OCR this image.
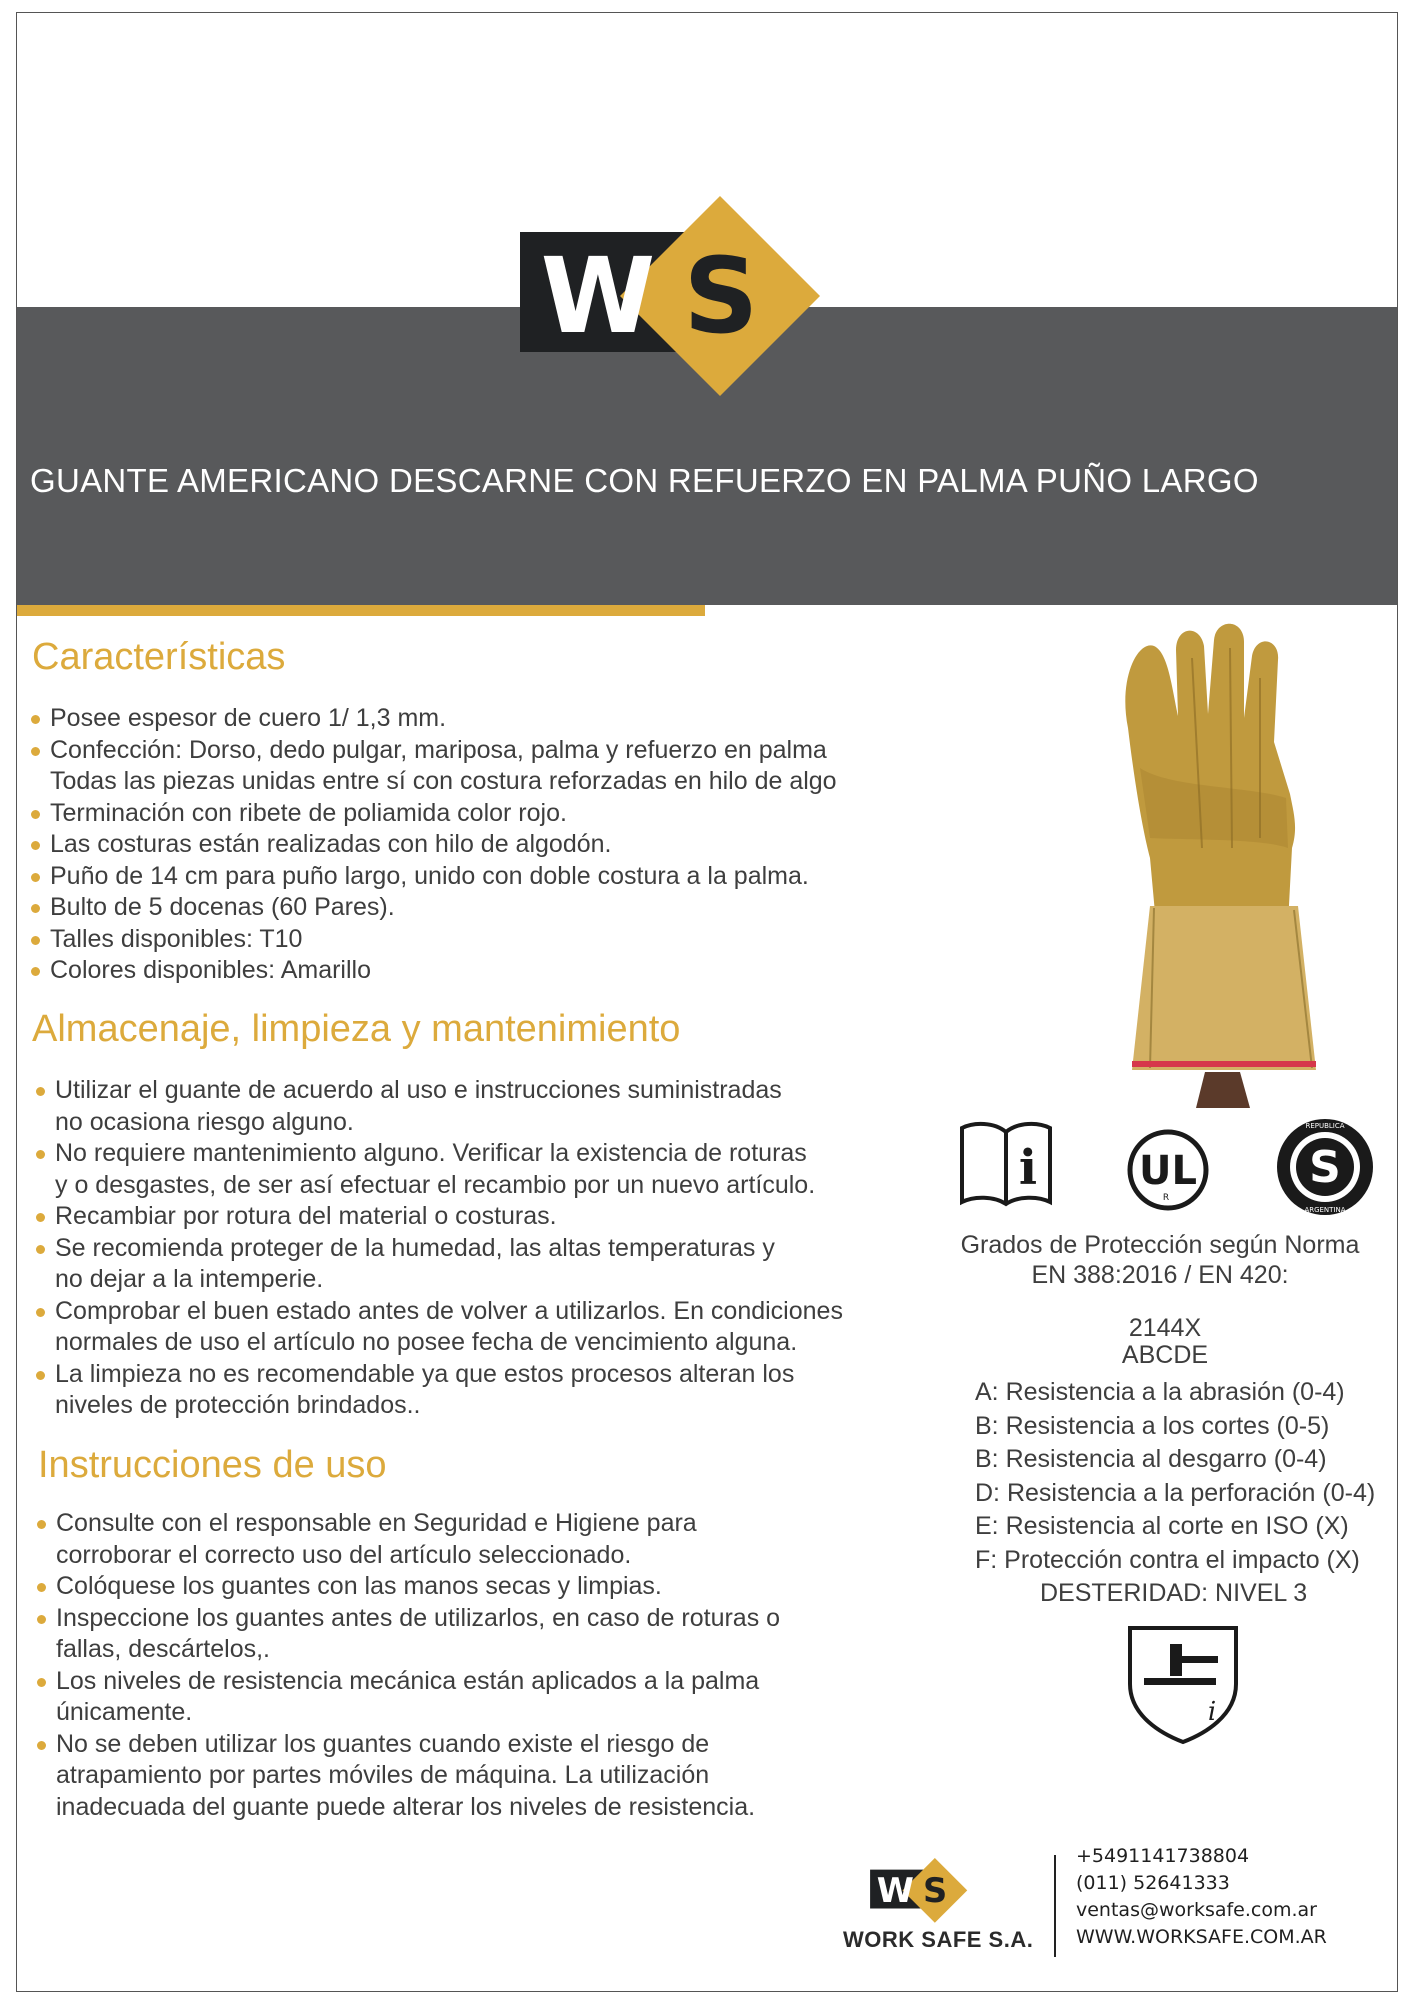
W S
GUANTE AMERICANO DESCARNE CON REFUERZO EN PALMA PUÑO LARGO
Características
Posee espesor de cuero 1/ 1,3 mm.
Confección: Dorso, dedo pulgar, mariposa, palma y refuerzo en palma
Todas las piezas unidas entre sí con costura reforzadas en hilo de algo
Terminación con ribete de poliamida color rojo.
Las costuras están realizadas con hilo de algodón.
Puño de 14 cm para puño largo, unido con doble costura a la palma.
Bulto de 5 docenas (60 Pares).
Talles disponibles: T10
Colores disponibles: Amarillo
Almacenaje, limpieza y mantenimiento
Utilizar el guante de acuerdo al uso e instrucciones suministradas
no ocasiona riesgo alguno.
No requiere mantenimiento alguno. Verificar la existencia de roturas
y o desgastes, de ser así efectuar el recambio por un nuevo artículo.
Recambiar por rotura del material o costuras.
Se recomienda proteger de la humedad, las altas temperaturas y
no dejar a la intemperie.
Comprobar el buen estado antes de volver a utilizarlos. En condiciones
normales de uso el artículo no posee fecha de vencimiento alguna.
La limpieza no es recomendable ya que estos procesos alteran los
niveles de protección brindados..
Instrucciones de uso
Consulte con el responsable en Seguridad e Higiene para
corroborar el correcto uso del artículo seleccionado.
Colóquese los guantes con las manos secas y limpias.
Inspeccione los guantes antes de utilizarlos, en caso de roturas o
fallas, descártelos,.
Los niveles de resistencia mecánica están aplicados a la palma
únicamente.
No se deben utilizar los guantes cuando existe el riesgo de
atrapamiento por partes móviles de máquina. La utilización
inadecuada del guante puede alterar los niveles de resistencia.
i	UL
R
S
REPUBLICA
ARGENTINA
Grados de Protección según Norma
EN 388:2016 / EN 420:
2144X
ABCDE
A: Resistencia a la abrasión (0-4)
B: Resistencia a los cortes (0-5)
B: Resistencia al desgarro (0-4)
D: Resistencia a la perforación (0-4)
E: Resistencia al corte en ISO (X)
F: Protección contra el impacto (X)
DESTERIDAD: NIVEL 3
i
W S
WORK SAFE S.A.
+5491141738804
(011) 52641333
ventas@worksafe.com.ar
WWW.WORKSAFE.COM.AR
